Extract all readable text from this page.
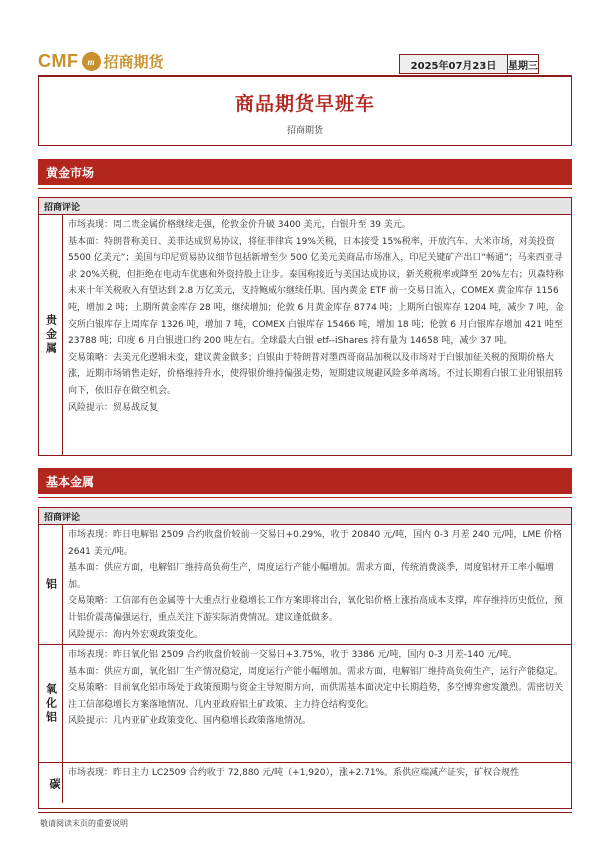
CMF m 招商期货	2025年07月23日	星期三
商品期货早班车
招商期货
黄金市场
招商评论
贵金属

市场表现：周二贵金属价格继续走强，伦敦金价升破 3400 美元，白银升至 39 美元。

基本面：特朗普称美日、美菲达成贸易协议，将征菲律宾 19%关税，日本接受 15%税率，开放汽车、大米市场，对美投资 5500 亿美元”；美国与印尼贸易协议细节包括新增至少 500 亿美元美商品市场准入，印尼关键矿产出口“畅通”；马来西亚寻求 20%关税，但拒绝在电动车优惠和外资持股上让步。泰国称接近与美国达成协议，新关税税率或降至 20%左右；贝森特称未来十年关税收入有望达到 2.8 万亿美元，支持鲍威尔继续任职。国内黄金 ETF 前一交易日流入，COMEX 黄金库存 1156 吨，增加 2 吨；上期所黄金库存 28 吨，继续增加；伦敦 6 月黄金库存 8774 吨；上期所白银库存 1204 吨，减少 7 吨，金交所白银库存上周库存 1326 吨，增加 7 吨，COMEX 白银库存 15466 吨，增加 18 吨；伦敦 6 月白银库存增加 421 吨至 23788 吨；印度 6 月白银进口约 200 吨左右。全球最大白银 etf--iShares 持有量为 14658 吨，减少 37 吨。

交易策略：去美元化逻辑未变，建议黄金做多；白银由于特朗普对墨西哥商品加税以及市场对于白银加征关税的预期价格大涨，近期市场销售走好，价格维持升水，使得银价维持偏强走势，短期建议规避风险多单离场。不过长期看白银工业用银扭转向下，依旧存在做空机会。

风险提示：贸易战反复

基本金属
招商评论
铝

市场表现：昨日电解铝 2509 合约收盘价较前一交易日+0.29%，收于 20840 元/吨，国内 0-3 月差 240 元/吨，LME 价格 2641 美元/吨。

基本面：供应方面，电解铝厂维持高负荷生产，周度运行产能小幅增加。需求方面，传统消费淡季，周度铝材开工率小幅增加。

交易策略：工信部有色金属等十大重点行业稳增长工作方案即将出台，氧化铝价格上涨抬高成本支撑，库存维持历史低位，预计铝价震荡偏强运行，重点关注下游实际消费情况。建议逢低做多。

风险提示：海内外宏观政策变化。

氧化铝

市场表现：昨日氧化铝 2509 合约收盘价较前一交易日+3.75%，收于 3386 元/吨，国内 0-3 月差-140 元/吨。

基本面：供应方面，氧化铝厂生产情况稳定，周度运行产能小幅增加。需求方面，电解铝厂维持高负荷生产，运行产能稳定。

交易策略：目前氧化铝市场处于政策预期与资金主导短期方向，而供需基本面决定中长期趋势，多空博弈愈发激烈。需密切关注工信部稳增长方案落地情况、几内亚政府铝土矿政策、主力持仓结构变化。

风险提示：几内亚矿业政策变化、国内稳增长政策落地情况。

碳

市场表现：昨日主力 LC2509 合约收于 72,880 元/吨（+1,920），涨+2.71%。系供应端减产证实，矿权合规性

敬请阅读末页的重要说明
